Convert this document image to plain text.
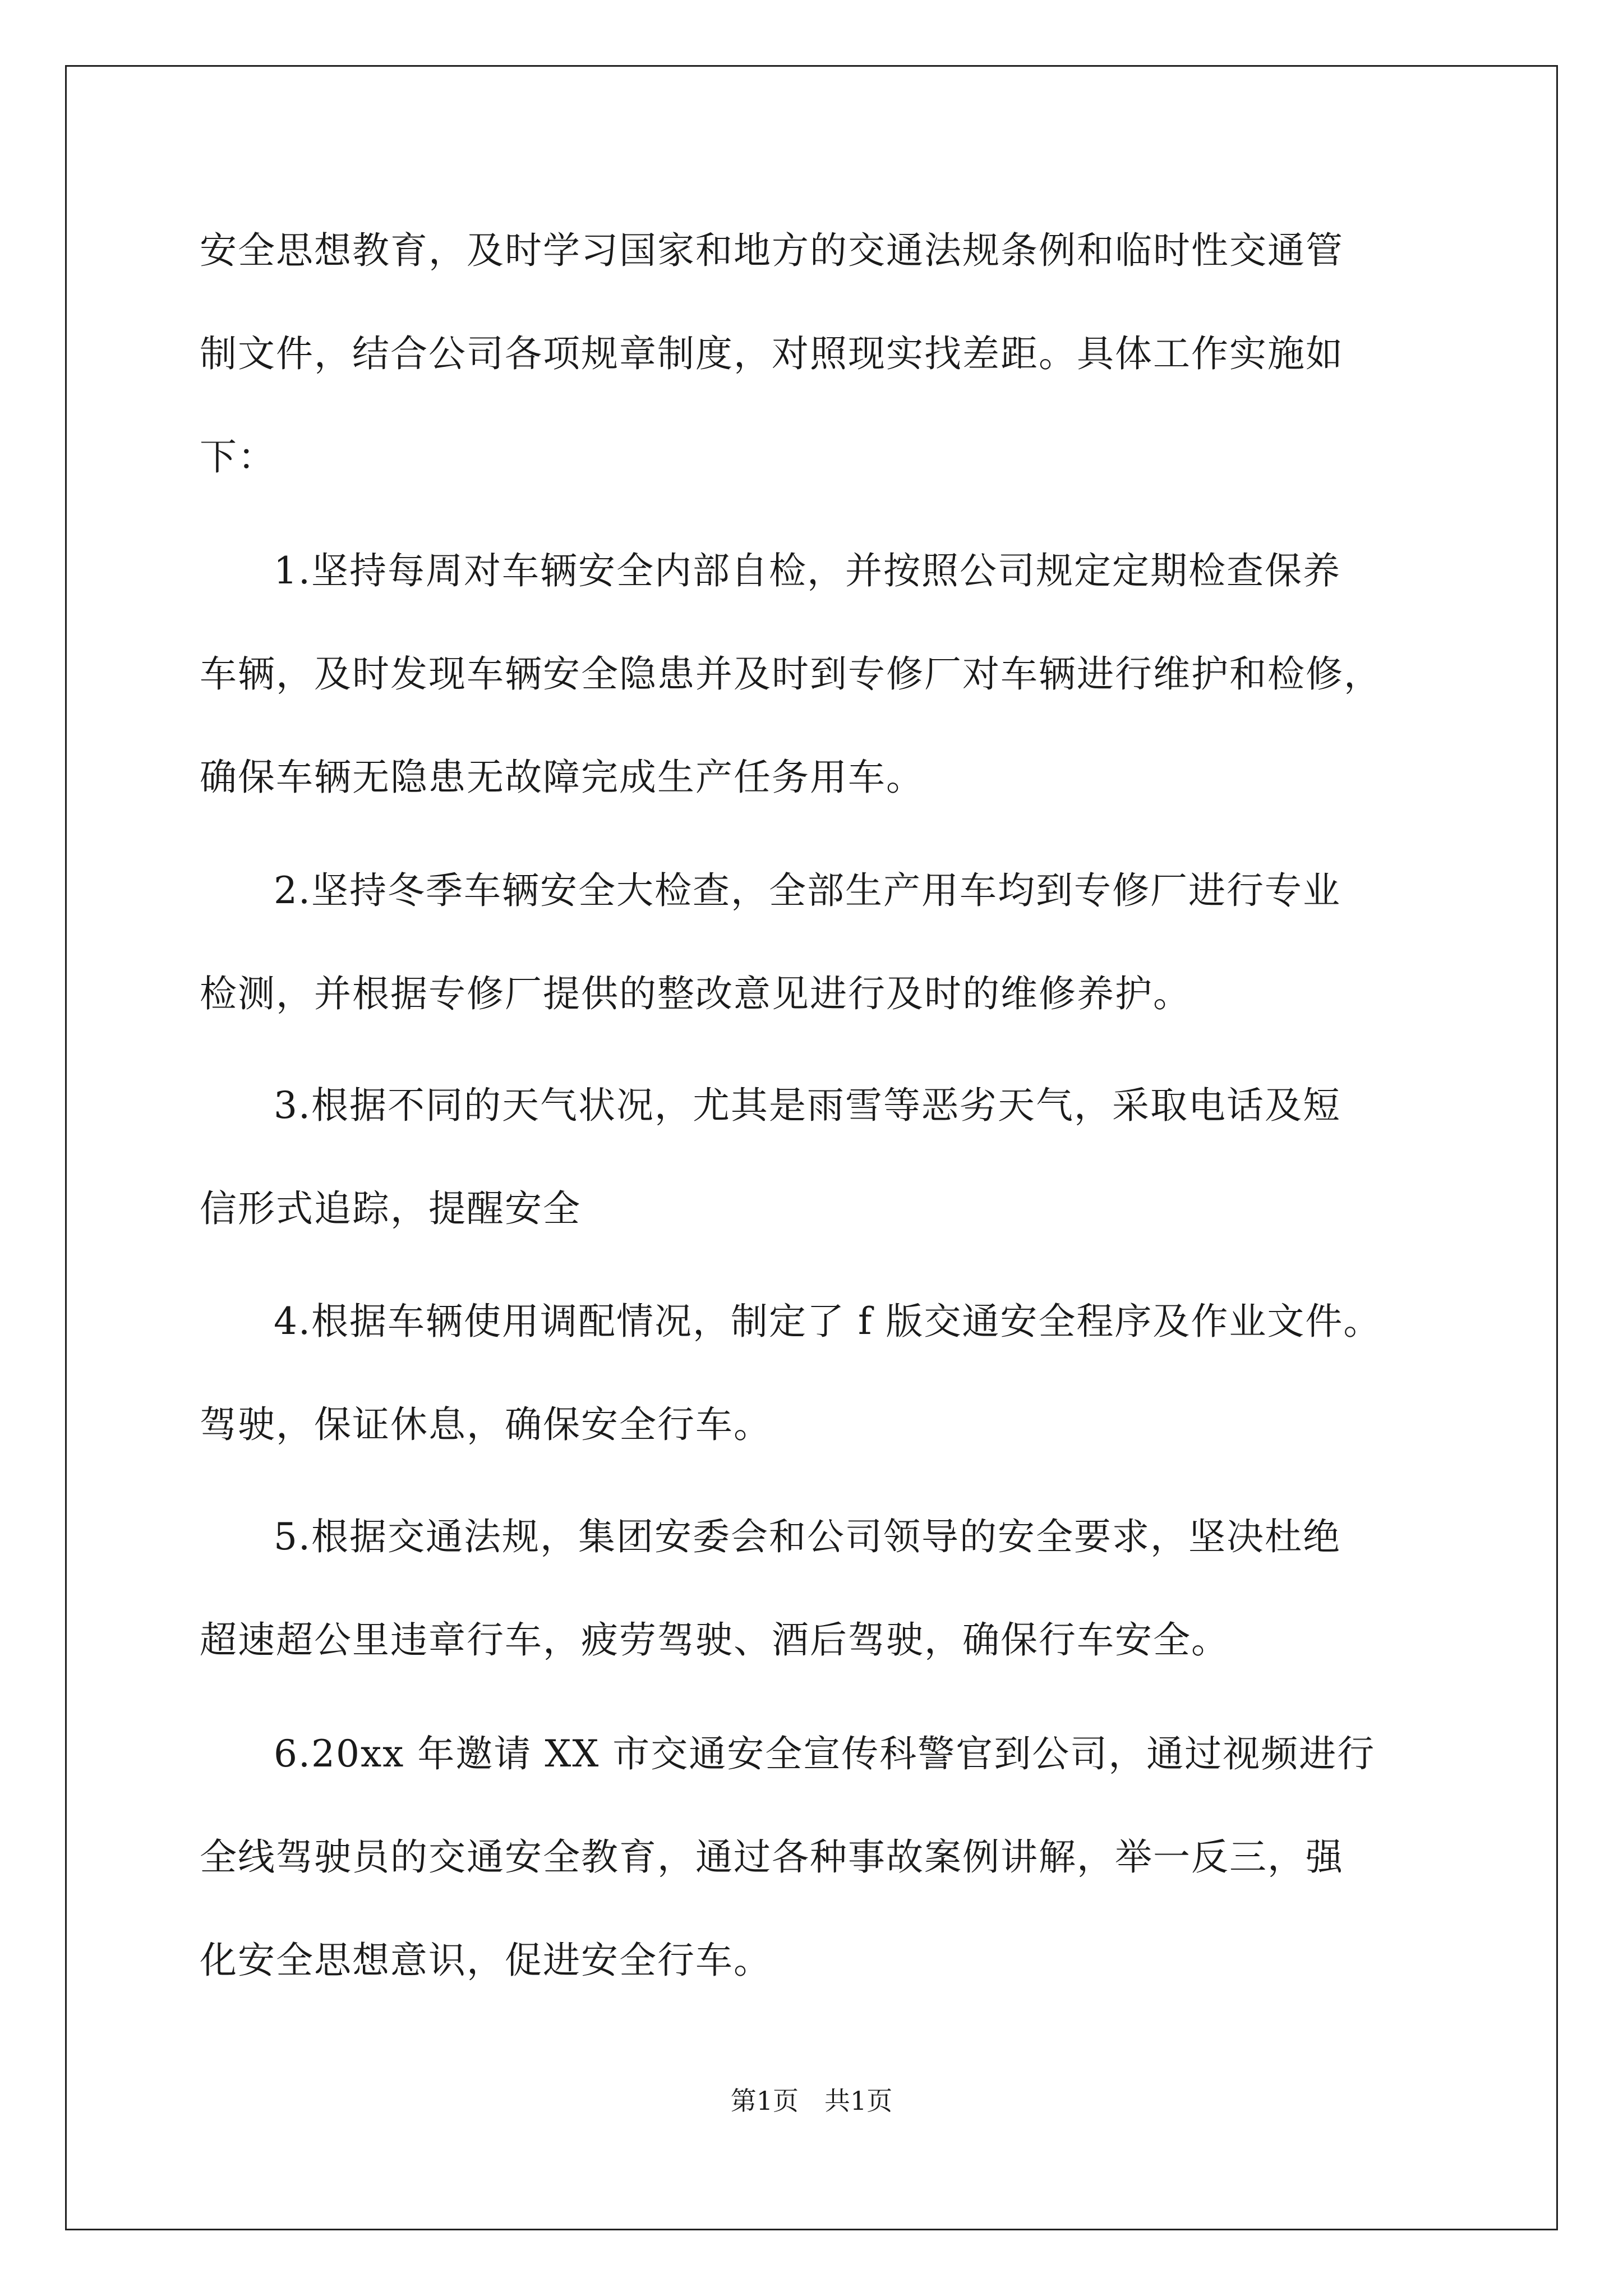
安全思想教育，及时学习国家和地方的交通法规条例和临时性交通管
制文件，结合公司各项规章制度，对照现实找差距。具体工作实施如
下：
1.坚持每周对车辆安全内部自检，并按照公司规定定期检查保养
车辆，及时发现车辆安全隐患并及时到专修厂对车辆进行维护和检修，
确保车辆无隐患无故障完成生产任务用车。
2.坚持冬季车辆安全大检查，全部生产用车均到专修厂进行专业
检测，并根据专修厂提供的整改意见进行及时的维修养护。
3.根据不同的天气状况，尤其是雨雪等恶劣天气，采取电话及短
信形式追踪，提醒安全
4.根据车辆使用调配情况，制定了 f 版交通安全程序及作业文件。
驾驶，保证休息，确保安全行车。
5.根据交通法规，集团安委会和公司领导的安全要求，坚决杜绝
超速超公里违章行车，疲劳驾驶、酒后驾驶，确保行车安全。
6.20xx 年邀请 XX 市交通安全宣传科警官到公司，通过视频进行
全线驾驶员的交通安全教育，通过各种事故案例讲解，举一反三，强
化安全思想意识，促进安全行车。
第1页　共1页
